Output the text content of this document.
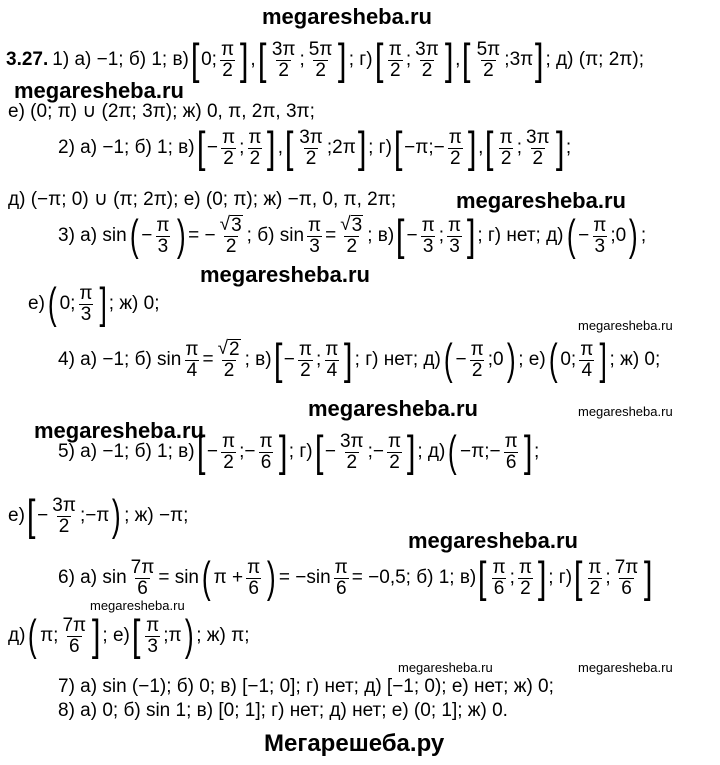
megaresheba.ru
megaresheba.ru
megaresheba.ru
megaresheba.ru
megaresheba.ru
megaresheba.ru	megaresheba.ru
megaresheba.ru
megaresheba.ru
megaresheba.ru
megaresheba.ru	megaresheba.ru
Мегарешеба.ру
3.27. 1) а) −1; б) 1; в) [ 0; $\frac{\pi}{2}$ ] , [ $\frac{3\pi}{2}$ ; $\frac{5\pi}{2}$ ] ; г) [ $\frac{\pi}{2}$ ; $\frac{3\pi}{2}$ ] , [ $\frac{5\pi}{2}$ ;3π ] ; д) (π; 2π);
е) (0; π) ∪ (2π; 3π); ж) 0, π, 2π, 3π;
2) а) −1; б) 1; в) [ − $\frac{\pi}{2}$ ; $\frac{\pi}{2}$ ] , [ $\frac{3\pi}{2}$ ;2π ] ; г) [ −π;− $\frac{\pi}{2}$ ] , [ $\frac{\pi}{2}$ ; $\frac{3\pi}{2}$ ] ;
д) (−π; 0) ∪ (π; 2π); е) (0; π); ж) −π, 0, π, 2π;
3) а) sin ( − $\frac{\pi}{3}$ ) = − $\frac{√ 3}{2}$ ; б) $\sin \frac{\pi}{3} = \frac{√ 3}{2}$ ; в) [ − $\frac{\pi}{3}$ ; $\frac{\pi}{3}$ ] ; г) нет; д) ( − $\frac{\pi}{3}$ ;0 ) ;
е) ( 0; $\frac{\pi}{3}$ ] ; ж) 0;
4) а) −1; б) $\sin \frac{\pi}{4} = \frac{√ 2}{2}$ ; в) [ − $\frac{\pi}{2}$ ; $\frac{\pi}{4}$ ] ; г) нет; д) ( − $\frac{\pi}{2}$ ;0 ) ; е) ( 0; $\frac{\pi}{4}$ ] ; ж) 0;
5) а) −1; б) 1; в) [ − $\frac{\pi}{2}$ ;− $\frac{\pi}{6}$ ] ; г) [ − $\frac{3\pi}{2}$ ;− $\frac{\pi}{2}$ ] ; д) ( −π;− $\frac{\pi}{6}$ ] ;
е) [ − $\frac{3\pi}{2}$ ;−π ) ; ж) −π;
6) а) $\sin \frac{7\pi}{6} = \sin$ ( $\pi + \frac{\pi}{6}$ ) = $-\sin \frac{\pi}{6} = -0,5$; б) 1; в) [ $\frac{\pi}{6}$ ; $\frac{\pi}{2}$ ] ; г) [ $\frac{\pi}{2}$ ; $\frac{7\pi}{6}$ ]
д) ( π; $\frac{7\pi}{6}$ ] ; е) [ $\frac{\pi}{3}$ ;π ) ; ж) π;
7) а) sin (−1); б) 0; в) [−1; 0]; г) нет; д) [−1; 0); е) нет; ж) 0;
8) а) 0; б) sin 1; в) [0; 1]; г) нет; д) нет; е) (0; 1]; ж) 0.
